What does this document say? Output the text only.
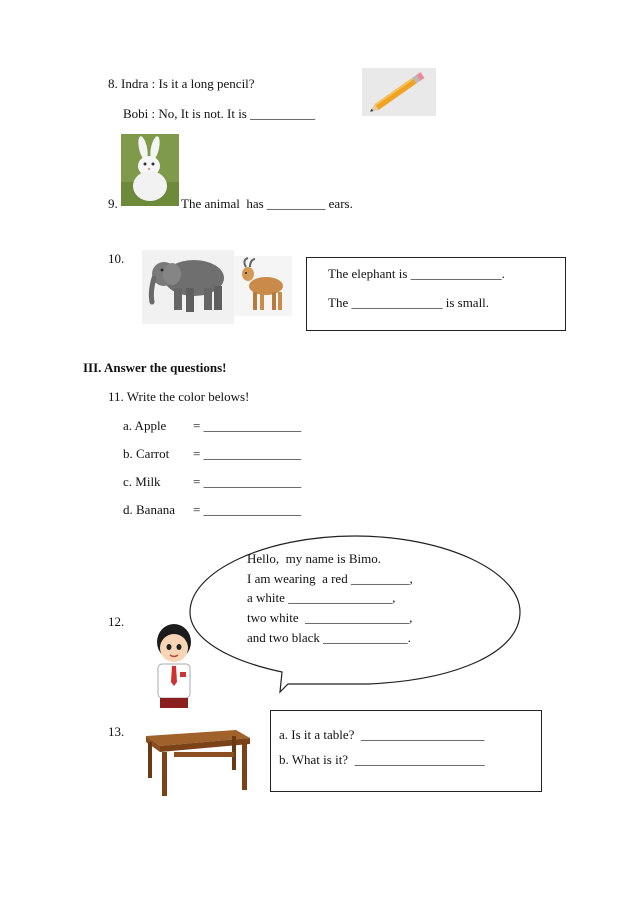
8. Indra : Is it a long pencil?
Bobi : No, It is not. It is __________
9.	The animal  has _________ ears.
10.
The elephant is ______________.
The ______________ is small.
III. Answer the questions!
11. Write the color belows!
a. Apple = _______________
b. Carrot = _______________
c. Milk = _______________
d. Banana = _______________
Hello,  my name is Bimo.
I am wearing  a red _________,
a white ________________,
two white  ________________,
and two black _____________.
12.
13.	a. Is it a table?  ___________________
b. What is it?  ____________________
